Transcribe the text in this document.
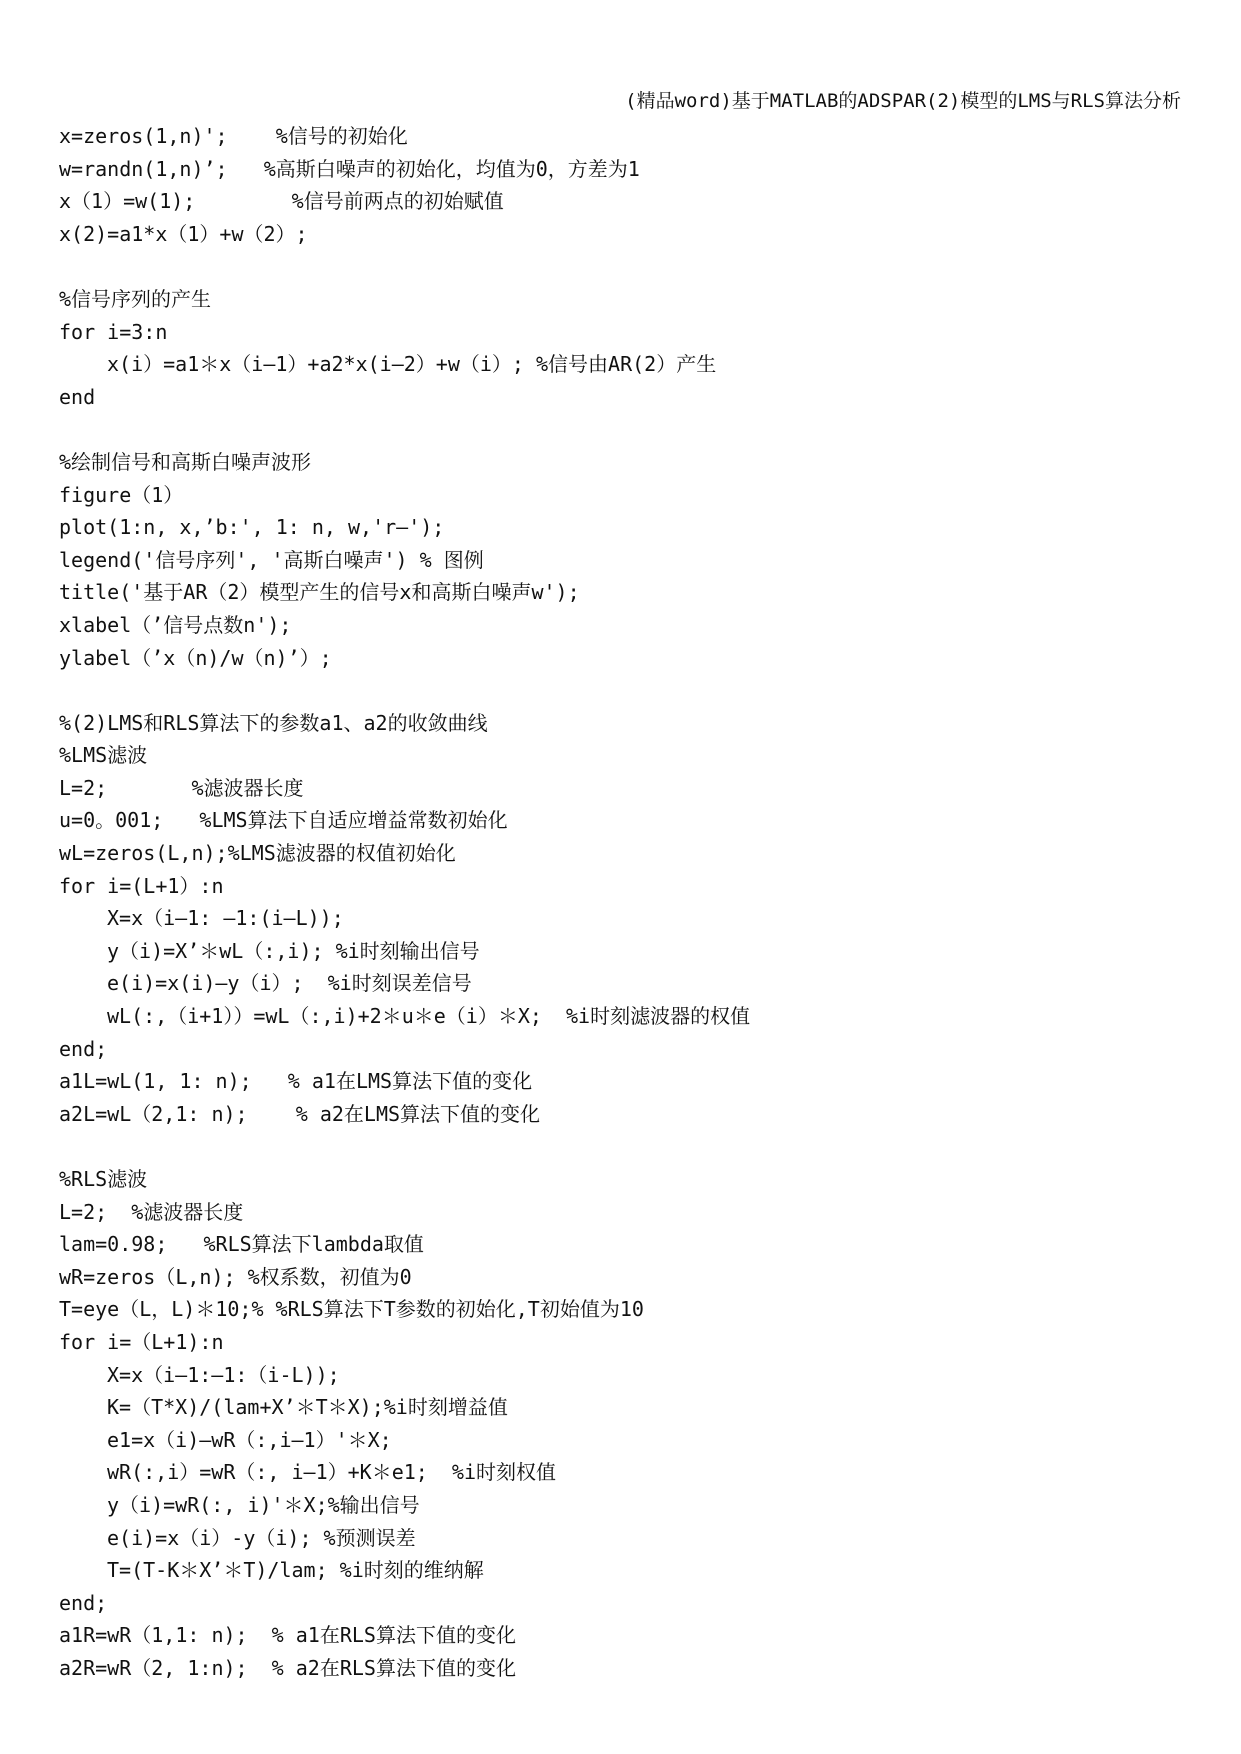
(精品word)基于MATLAB的ADSPAR(2)模型的LMS与RLS算法分析
x=zeros(1,n)';    %信号的初始化
w=randn(1,n)’;   %高斯白噪声的初始化，均值为0，方差为1
x（1）=w(1);        %信号前两点的初始赋值
x(2)=a1*x（1）+w（2）;
%信号序列的产生
for i=3:n
x(i）=a1＊x（i—1）+a2*x(i—2）+w（i）; %信号由AR(2）产生
end
%绘制信号和高斯白噪声波形
figure（1）
plot(1:n, x,’b:', 1: n, w,'r—');
legend('信号序列', '高斯白噪声') % 图例
title('基于AR（2）模型产生的信号x和高斯白噪声w');
xlabel（’信号点数n');
ylabel（’x（n)/w（n)’）;
%(2)LMS和RLS算法下的参数a1、a2的收敛曲线
%LMS滤波
L=2;       %滤波器长度
u=0。001;   %LMS算法下自适应增益常数初始化
wL=zeros(L,n);%LMS滤波器的权值初始化
for i=(L+1）:n
X=x（i—1: —1:(i—L));
y（i)=X’＊wL（:,i); %i时刻输出信号
e(i)=x(i)—y（i）;  %i时刻误差信号
wL(:,（i+1））=wL（:,i)+2＊u＊e（i）＊X;  %i时刻滤波器的权值
end;
a1L=wL(1, 1: n);   % a1在LMS算法下值的变化
a2L=wL（2,1: n);    % a2在LMS算法下值的变化
%RLS滤波
L=2;  %滤波器长度
lam=0.98;   %RLS算法下lambda取值
wR=zeros（L,n); %权系数，初值为0
T=eye（L，L)＊10;% %RLS算法下T参数的初始化,T初始值为10
for i=（L+1):n
X=x（i—1:—1:（i-L));
K=（T*X)/(lam+X’＊T＊X);%i时刻增益值
e1=x（i)—wR（:,i—1）'＊X;
wR(:,i）=wR（:, i—1）+K＊e1;  %i时刻权值
y（i)=wR(:, i)'＊X;%输出信号
e(i)=x（i）-y（i); %预测误差
T=(T-K＊X’＊T)/lam; %i时刻的维纳解
end;
a1R=wR（1,1: n);  % a1在RLS算法下值的变化
a2R=wR（2, 1:n);  % a2在RLS算法下值的变化
